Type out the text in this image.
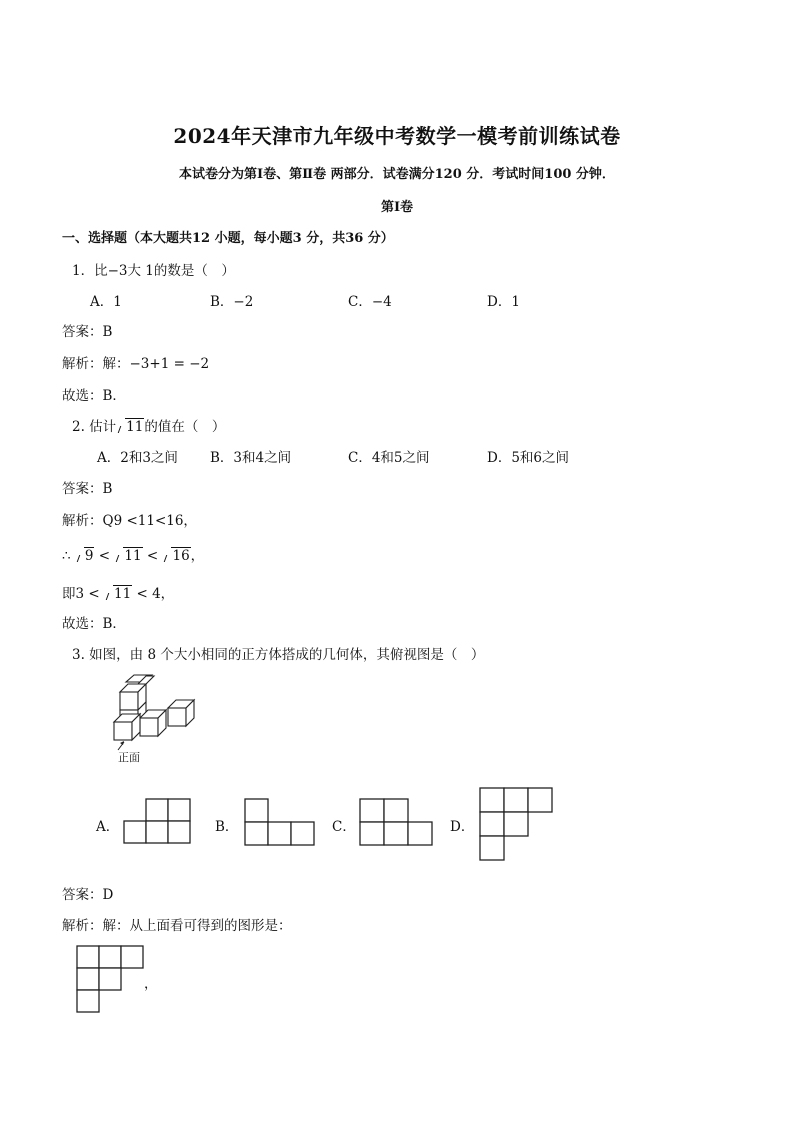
2024年天津市九年级中考数学一模考前训练试卷
本试卷分为第Ⅰ卷、第Ⅱ卷 两部分．试卷满分120 分．考试时间100 分钟．
第Ⅰ卷
一、选择题（本大题共12 小题，每小题3 分，共36 分）
1．比−3大 1的数是（　）
A．1	B．−2	C．−4	D．1
答案：B
解析：解：−3+1 = −2
故选：B．
2. 估计 11的值在（　）
A．2和3之间 B．3和4之间	C．4和5之间	D．5和6之间
答案：B
解析：Q9 <11<16，
∴ 9 < 11 < 16，
即3 < 11 < 4，
故选：B．
3. 如图，由 8 个大小相同的正方体搭成的几何体，其俯视图是（　）
正面
A．	B．	C．	D．
答案：D
解析：解：从上面看可得到的图形是：
，
